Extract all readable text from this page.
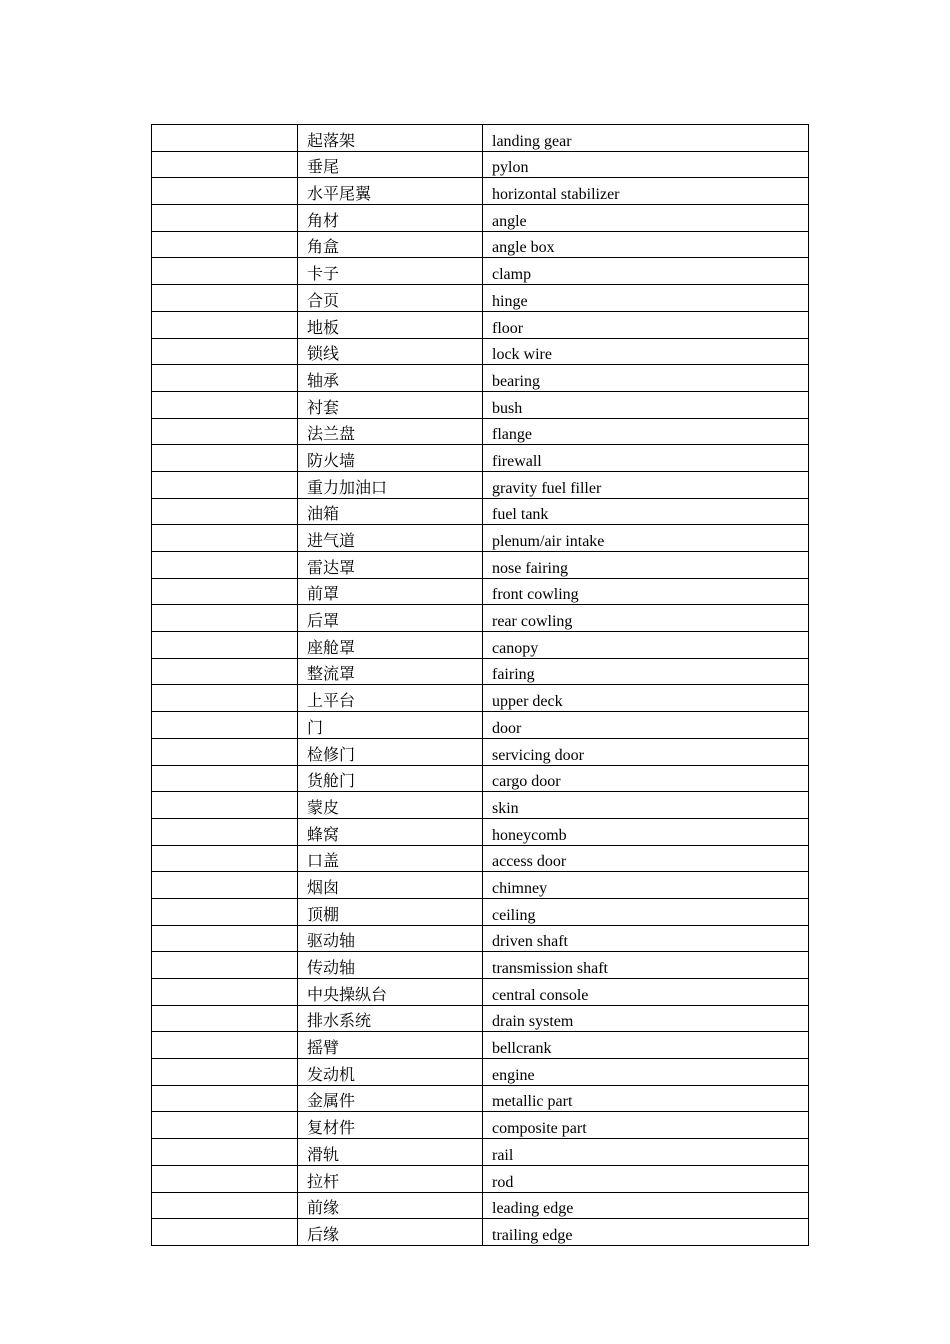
	起落架	landing gear
	垂尾	pylon
	水平尾翼	horizontal stabilizer
	角材	angle
	角盒	angle box
	卡子	clamp
	合页	hinge
	地板	floor
	锁线	lock wire
	轴承	bearing
	衬套	bush
	法兰盘	flange
	防火墙	firewall
	重力加油口	gravity fuel filler
	油箱	fuel tank
	进气道	plenum/air intake
	雷达罩	nose fairing
	前罩	front cowling
	后罩	rear cowling
	座舱罩	canopy
	整流罩	fairing
	上平台	upper deck
	门	door
	检修门	servicing door
	货舱门	cargo door
	蒙皮	skin
	蜂窝	honeycomb
	口盖	access door
	烟囱	chimney
	顶棚	ceiling
	驱动轴	driven shaft
	传动轴	transmission shaft
	中央操纵台	central console
	排水系统	drain system
	摇臂	bellcrank
	发动机	engine
	金属件	metallic part
	复材件	composite part
	滑轨	rail
	拉杆	rod
	前缘	leading edge
	后缘	trailing edge
